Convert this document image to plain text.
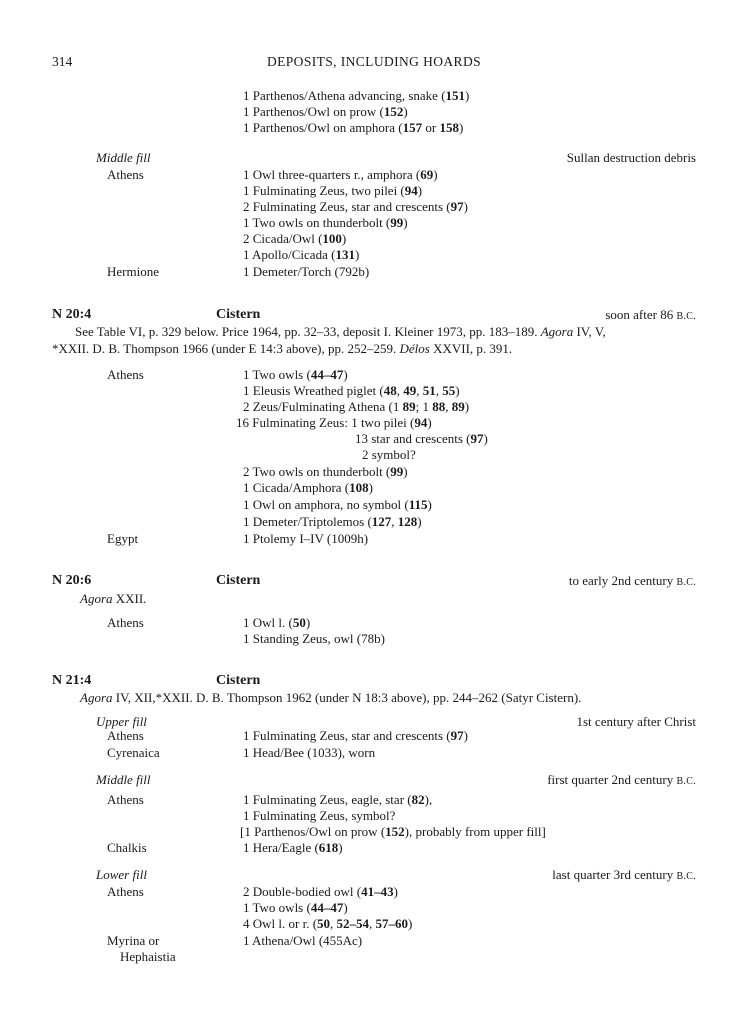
314	DEPOSITS, INCLUDING HOARDS
1 Parthenos/Athena advancing, snake (151)
1 Parthenos/Owl on prow (152)
1 Parthenos/Owl on amphora (157 or 158)
Middle fill	Sullan destruction debris
Athens	1 Owl three-quarters r., amphora (69)
1 Fulminating Zeus, two pilei (94)
2 Fulminating Zeus, star and crescents (97)
1 Two owls on thunderbolt (99)
2 Cicada/Owl (100)
1 Apollo/Cicada (131)
Hermione	1 Demeter/Torch (792b)
N 20:4	Cistern	soon after 86 B.C.
See Table VI, p. 329 below. Price 1964, pp. 32–33, deposit I. Kleiner 1973, pp. 183–189. Agora IV, V,
*XXII. D. B. Thompson 1966 (under E 14:3 above), pp. 252–259. Délos XXVII, p. 391.
Athens	1 Two owls (44–47)
1 Eleusis Wreathed piglet (48, 49, 51, 55)
2 Zeus/Fulminating Athena (1 89; 1 88, 89)
16 Fulminating Zeus: 1 two pilei (94)
13 star and crescents (97)
2 symbol?
2 Two owls on thunderbolt (99)
1 Cicada/Amphora (108)
1 Owl on amphora, no symbol (115)
1 Demeter/Triptolemos (127, 128)
Egypt	1 Ptolemy I–IV (1009h)
N 20:6	Cistern	to early 2nd century B.C.
Agora XXII.
Athens	1 Owl l. (50)
1 Standing Zeus, owl (78b)
N 21:4	Cistern
Agora IV, XII,*XXII. D. B. Thompson 1962 (under N 18:3 above), pp. 244–262 (Satyr Cistern).
Upper fill	1st century after Christ
Athens	1 Fulminating Zeus, star and crescents (97)
Cyrenaica	1 Head/Bee (1033), worn
Middle fill	first quarter 2nd century B.C.
Athens	1 Fulminating Zeus, eagle, star (82),
1 Fulminating Zeus, symbol?
[1 Parthenos/Owl on prow (152), probably from upper fill]
Chalkis	1 Hera/Eagle (618)
Lower fill	last quarter 3rd century B.C.
Athens	2 Double-bodied owl (41–43)
1 Two owls (44–47)
4 Owl l. or r. (50, 52–54, 57–60)
Myrina or	1 Athena/Owl (455Ac)
Hephaistia
